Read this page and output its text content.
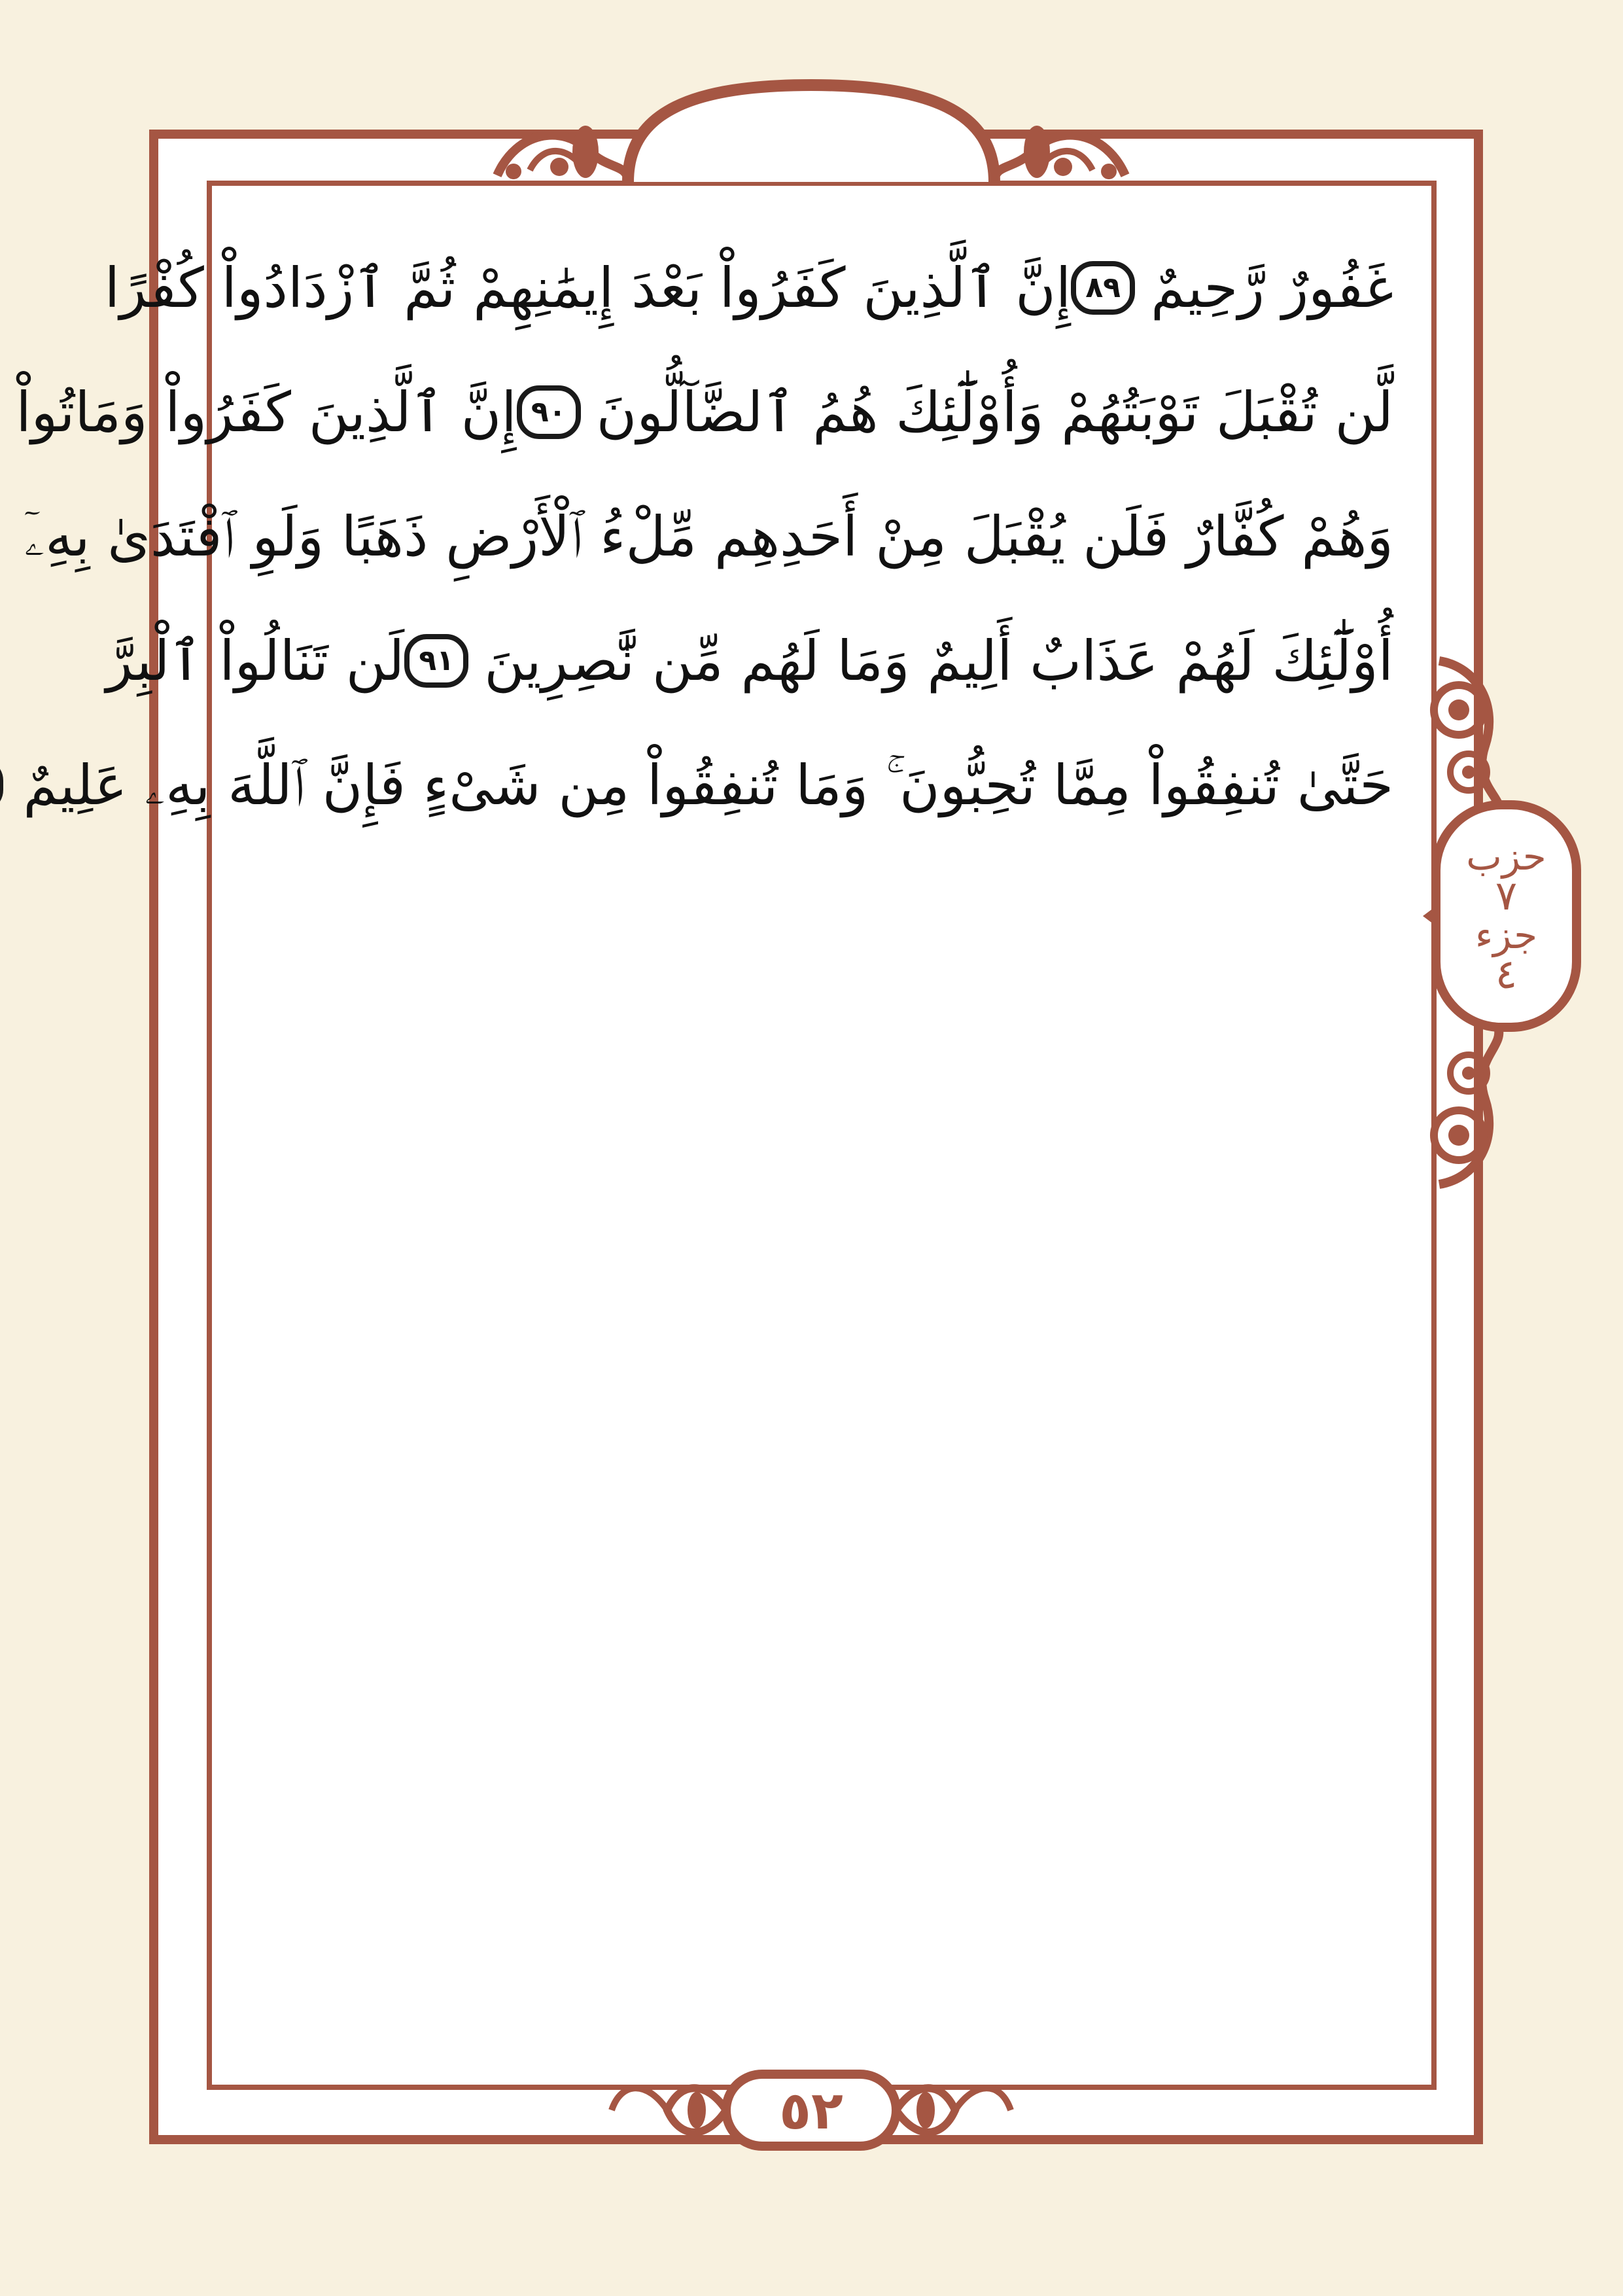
غَفُورٌ رَّحِيمٌ
٨٩
إِنَّ ٱلَّذِينَ كَفَرُواْ بَعْدَ إِيمَٰنِهِمْ ثُمَّ ٱزْدَادُواْ كُفْرًا
لَّن تُقْبَلَ تَوْبَتُهُمْ وَأُوْلَٰٓئِكَ هُمُ ٱلضَّآلُّونَ
٩٠
إِنَّ ٱلَّذِينَ كَفَرُواْ وَمَاتُواْ
وَهُمْ كُفَّارٌ فَلَن يُقْبَلَ مِنْ أَحَدِهِم مِّلْءُ ٱلْأَرْضِ ذَهَبًا وَلَوِ ٱفْتَدَىٰ بِهِۦٓ
أُوْلَٰٓئِكَ لَهُمْ عَذَابٌ أَلِيمٌ وَمَا لَهُم مِّن نَّٰصِرِينَ
٩١
لَن تَنَالُواْ ٱلْبِرَّ
حَتَّىٰ تُنفِقُواْ مِمَّا تُحِبُّونَ ۚ وَمَا تُنفِقُواْ مِن شَىْءٍ فَإِنَّ ٱللَّهَ بِهِۦ عَلِيمٌ
٥٢
حزب
٧
جزء
٤
